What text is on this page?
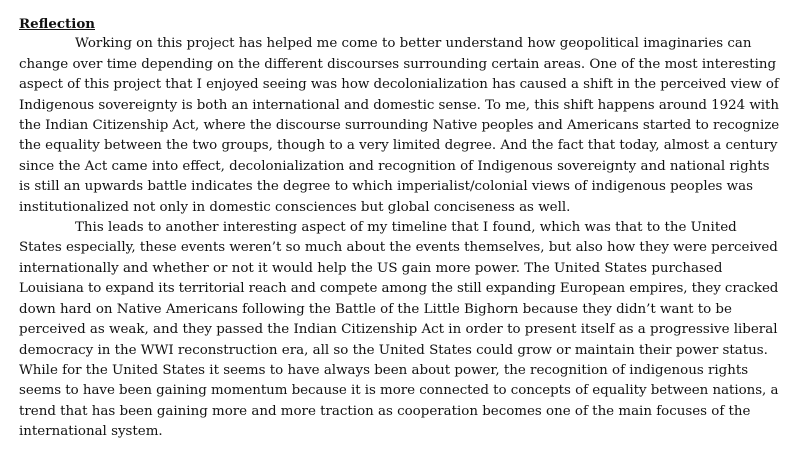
Reflection

Working on this project has helped me come to better understand how geopolitical imaginaries can
change over time depending on the different discourses surrounding certain areas. One of the most interesting
aspect of this project that I enjoyed seeing was how decolonialization has caused a shift in the perceived view of
Indigenous sovereignty is both an international and domestic sense. To me, this shift happens around 1924 with
the Indian Citizenship Act, where the discourse surrounding Native peoples and Americans started to recognize
the equality between the two groups, though to a very limited degree. And the fact that today, almost a century
since the Act came into effect, decolonialization and recognition of Indigenous sovereignty and national rights
is still an upwards battle indicates the degree to which imperialist/colonial views of indigenous peoples was
institutionalized not only in domestic consciences but global conciseness as well.
This leads to another interesting aspect of my timeline that I found, which was that to the United
States especially, these events weren’t so much about the events themselves, but also how they were perceived
internationally and whether or not it would help the US gain more power. The United States purchased
Louisiana to expand its territorial reach and compete among the still expanding European empires, they cracked
down hard on Native Americans following the Battle of the Little Bighorn because they didn’t want to be
perceived as weak, and they passed the Indian Citizenship Act in order to present itself as a progressive liberal
democracy in the WWI reconstruction era, all so the United States could grow or maintain their power status.
While for the United States it seems to have always been about power, the recognition of indigenous rights
seems to have been gaining momentum because it is more connected to concepts of equality between nations, a
trend that has been gaining more and more traction as cooperation becomes one of the main focuses of the
international system.
